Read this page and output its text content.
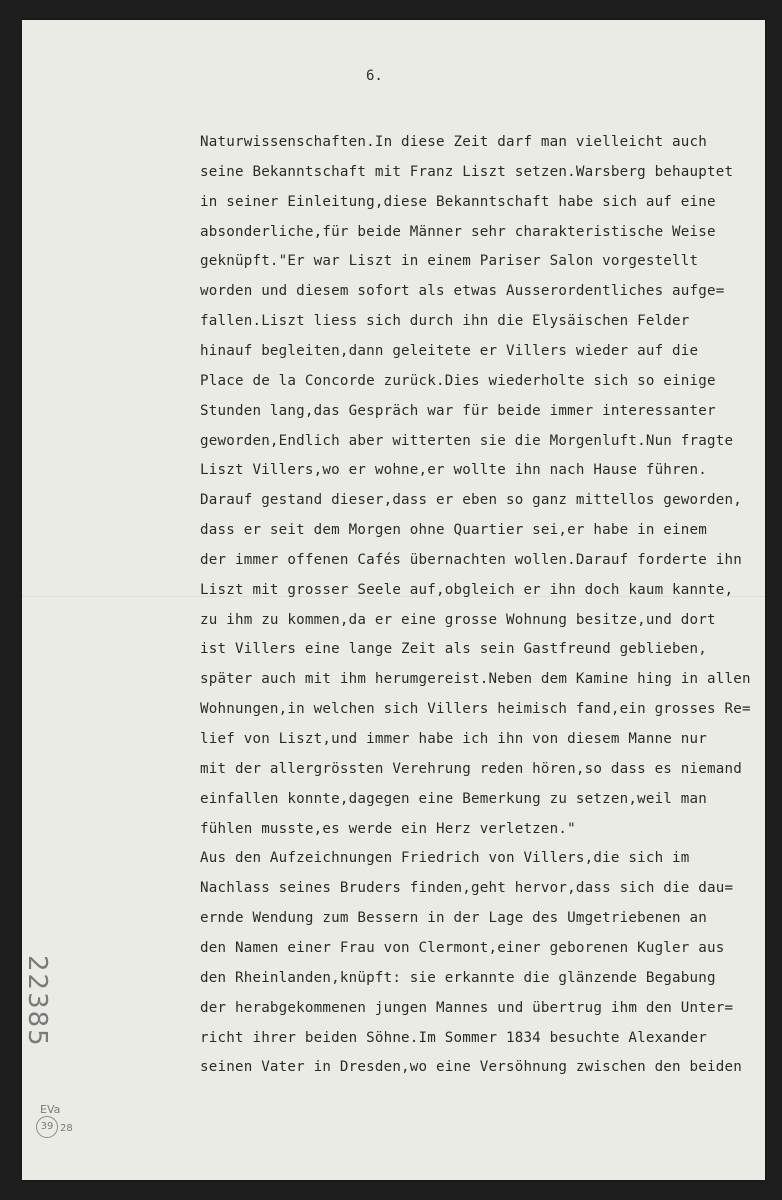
6.
Naturwissenschaften.In diese Zeit darf man vielleicht auch
seine Bekanntschaft mit Franz Liszt setzen.Warsberg behauptet
in seiner Einleitung,diese Bekanntschaft habe sich auf eine
absonderliche,für beide Männer sehr charakteristische Weise
geknüpft."Er war Liszt in einem Pariser Salon vorgestellt
worden und diesem sofort als etwas Ausserordentliches aufge=
fallen.Liszt liess sich durch ihn die Elysäischen Felder
hinauf begleiten,dann geleitete er Villers wieder auf die
Place de la Concorde zurück.Dies wiederholte sich so einige
Stunden lang,das Gespräch war für beide immer interessanter
geworden,Endlich aber witterten sie die Morgenluft.Nun fragte
Liszt Villers,wo er wohne,er wollte ihn nach Hause führen.
Darauf gestand dieser,dass er eben so ganz mittellos geworden,
dass er seit dem Morgen ohne Quartier sei,er habe in einem
der immer offenen Cafés übernachten wollen.Darauf forderte ihn
Liszt mit grosser Seele auf,obgleich er ihn doch kaum kannte,
zu ihm zu kommen,da er eine grosse Wohnung besitze,und dort
ist Villers eine lange Zeit als sein Gastfreund geblieben,
später auch mit ihm herumgereist.Neben dem Kamine hing in allen
Wohnungen,in welchen sich Villers heimisch fand,ein grosses Re=
lief von Liszt,und immer habe ich ihn von diesem Manne nur
mit der allergrössten Verehrung reden hören,so dass es niemand
einfallen konnte,dagegen eine Bemerkung zu setzen,weil man
fühlen musste,es werde ein Herz verletzen."
Aus den Aufzeichnungen Friedrich von Villers,die sich im
Nachlass seines Bruders finden,geht hervor,dass sich die dau=
ernde Wendung zum Bessern in der Lage des Umgetriebenen an
den Namen einer Frau von Clermont,einer geborenen Kugler aus
den Rheinlanden,knüpft: sie erkannte die glänzende Begabung
der herabgekommenen jungen Mannes und übertrug ihm den Unter=
richt ihrer beiden Söhne.Im Sommer 1834 besuchte Alexander
seinen Vater in Dresden,wo eine Versöhnung zwischen den beiden
22385
EVa
39 28
